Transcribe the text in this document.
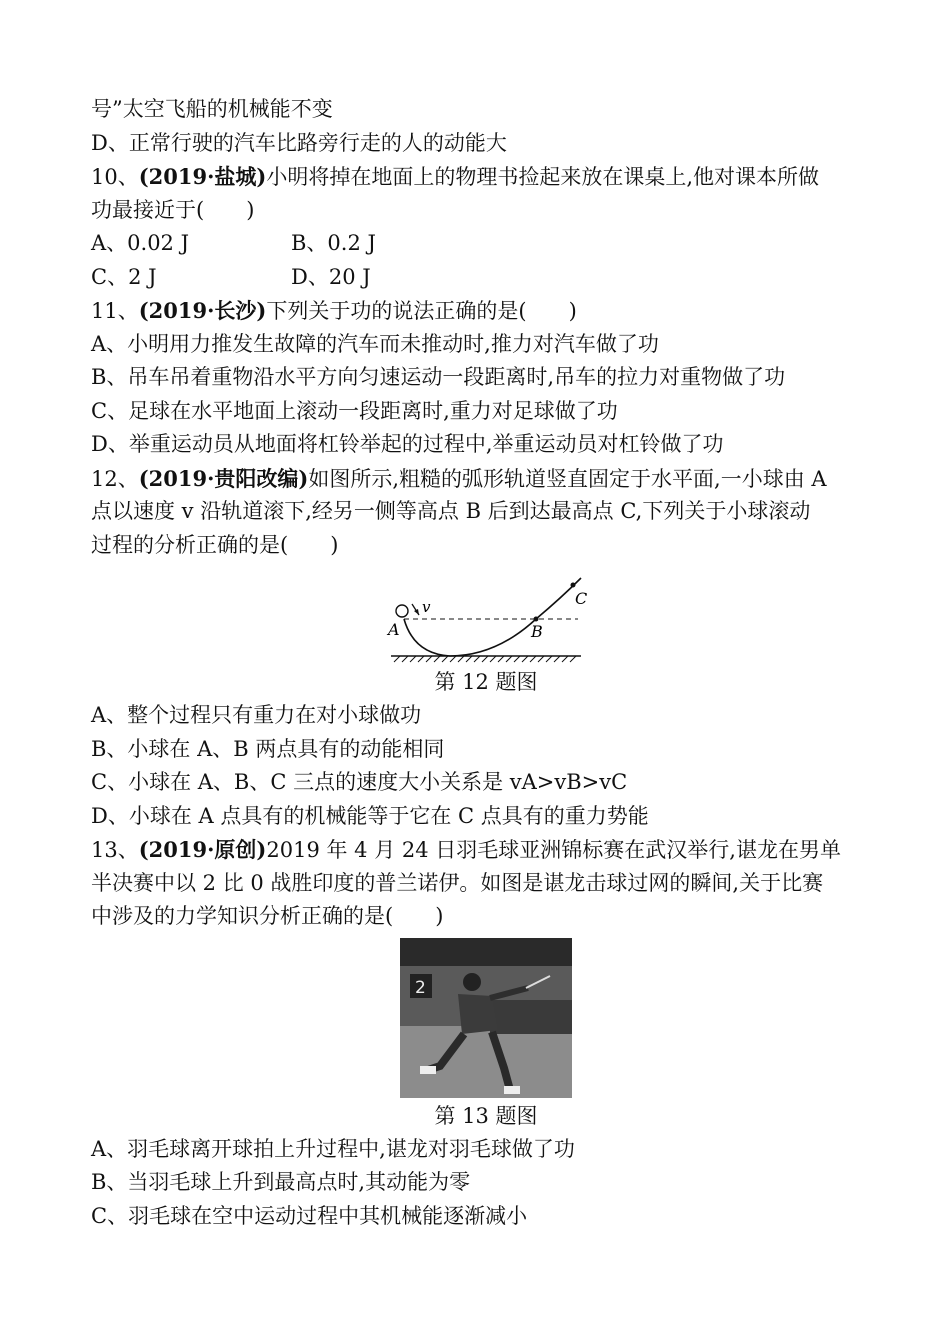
号”太空飞船的机械能不变
D、正常行驶的汽车比路旁行走的人的动能大
10、(2019·盐城)小明将掉在地面上的物理书捡起来放在课桌上,他对课本所做
功最接近于(　　)
A、0.02 J	B、0.2 J
C、2 J	D、20 J
11、(2019·长沙)下列关于功的说法正确的是(　　)
A、小明用力推发生故障的汽车而未推动时,推力对汽车做了功
B、吊车吊着重物沿水平方向匀速运动一段距离时,吊车的拉力对重物做了功
C、足球在水平地面上滚动一段距离时,重力对足球做了功
D、举重运动员从地面将杠铃举起的过程中,举重运动员对杠铃做了功
12、(2019·贵阳改编)如图所示,粗糙的弧形轨道竖直固定于水平面,一小球由 A
点以速度 v 沿轨道滚下,经另一侧等高点 B 后到达最高点 C,下列关于小球滚动
过程的分析正确的是(　　)
v
A	B
C
第 12 题图
A、整个过程只有重力在对小球做功
B、小球在 A、B 两点具有的动能相同
C、小球在 A、B、C 三点的速度大小关系是 vA>vB>vC
D、小球在 A 点具有的机械能等于它在 C 点具有的重力势能
13、(2019·原创)2019 年 4 月 24 日羽毛球亚洲锦标赛在武汉举行,谌龙在男单
半决赛中以 2 比 0 战胜印度的普兰诺伊。如图是谌龙击球过网的瞬间,关于比赛
中涉及的力学知识分析正确的是(　　)
2
第 13 题图
A、羽毛球离开球拍上升过程中,谌龙对羽毛球做了功
B、当羽毛球上升到最高点时,其动能为零
C、羽毛球在空中运动过程中其机械能逐渐减小
